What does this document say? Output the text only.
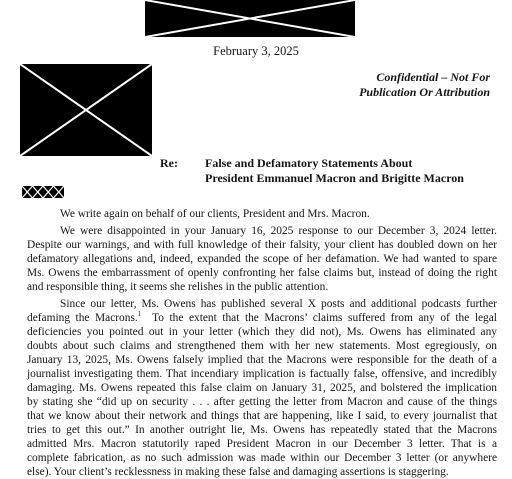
February 3, 2025
Confidential – Not For
Publication Or Attribution
Re: False and Defamatory Statements About
President Emmanuel Macron and Brigitte Macron
We write again on behalf of our clients, President and Mrs. Macron.
We were disappointed in your January 16, 2025 response to our December 3, 2024 letter.
Despite our warnings, and with full knowledge of their falsity, your client has doubled down on her
defamatory allegations and, indeed, expanded the scope of her defamation. We had wanted to spare
Ms. Owens the embarrassment of openly confronting her false claims but, instead of doing the right
and responsible thing, it seems she relishes in the public attention.
Since our letter, Ms. Owens has published several X posts and additional podcasts further
defaming the Macrons.$^1$  To the extent that the Macrons’ claims suffered from any of the legal
deficiencies you pointed out in your letter (which they did not), Ms. Owens has eliminated any
doubts about such claims and strengthened them with her new statements. Most egregiously, on
January 13, 2025, Ms. Owens falsely implied that the Macrons were responsible for the death of a
journalist investigating them. That incendiary implication is factually false, offensive, and incredibly
damaging. Ms. Owens repeated this false claim on January 31, 2025, and bolstered the implication
by stating she “did up on security . . . after getting the letter from Macron and cause of the things
that we know about their network and things that are happening, like I said, to every journalist that
tries to get this out.” In another outright lie, Ms. Owens has repeatedly stated that the Macrons
admitted Mrs. Macron statutorily raped President Macron in our December 3 letter. That is a
complete fabrication, as no such admission was made within our December 3 letter (or anywhere
else). Your client’s recklessness in making these false and damaging assertions is staggering.
